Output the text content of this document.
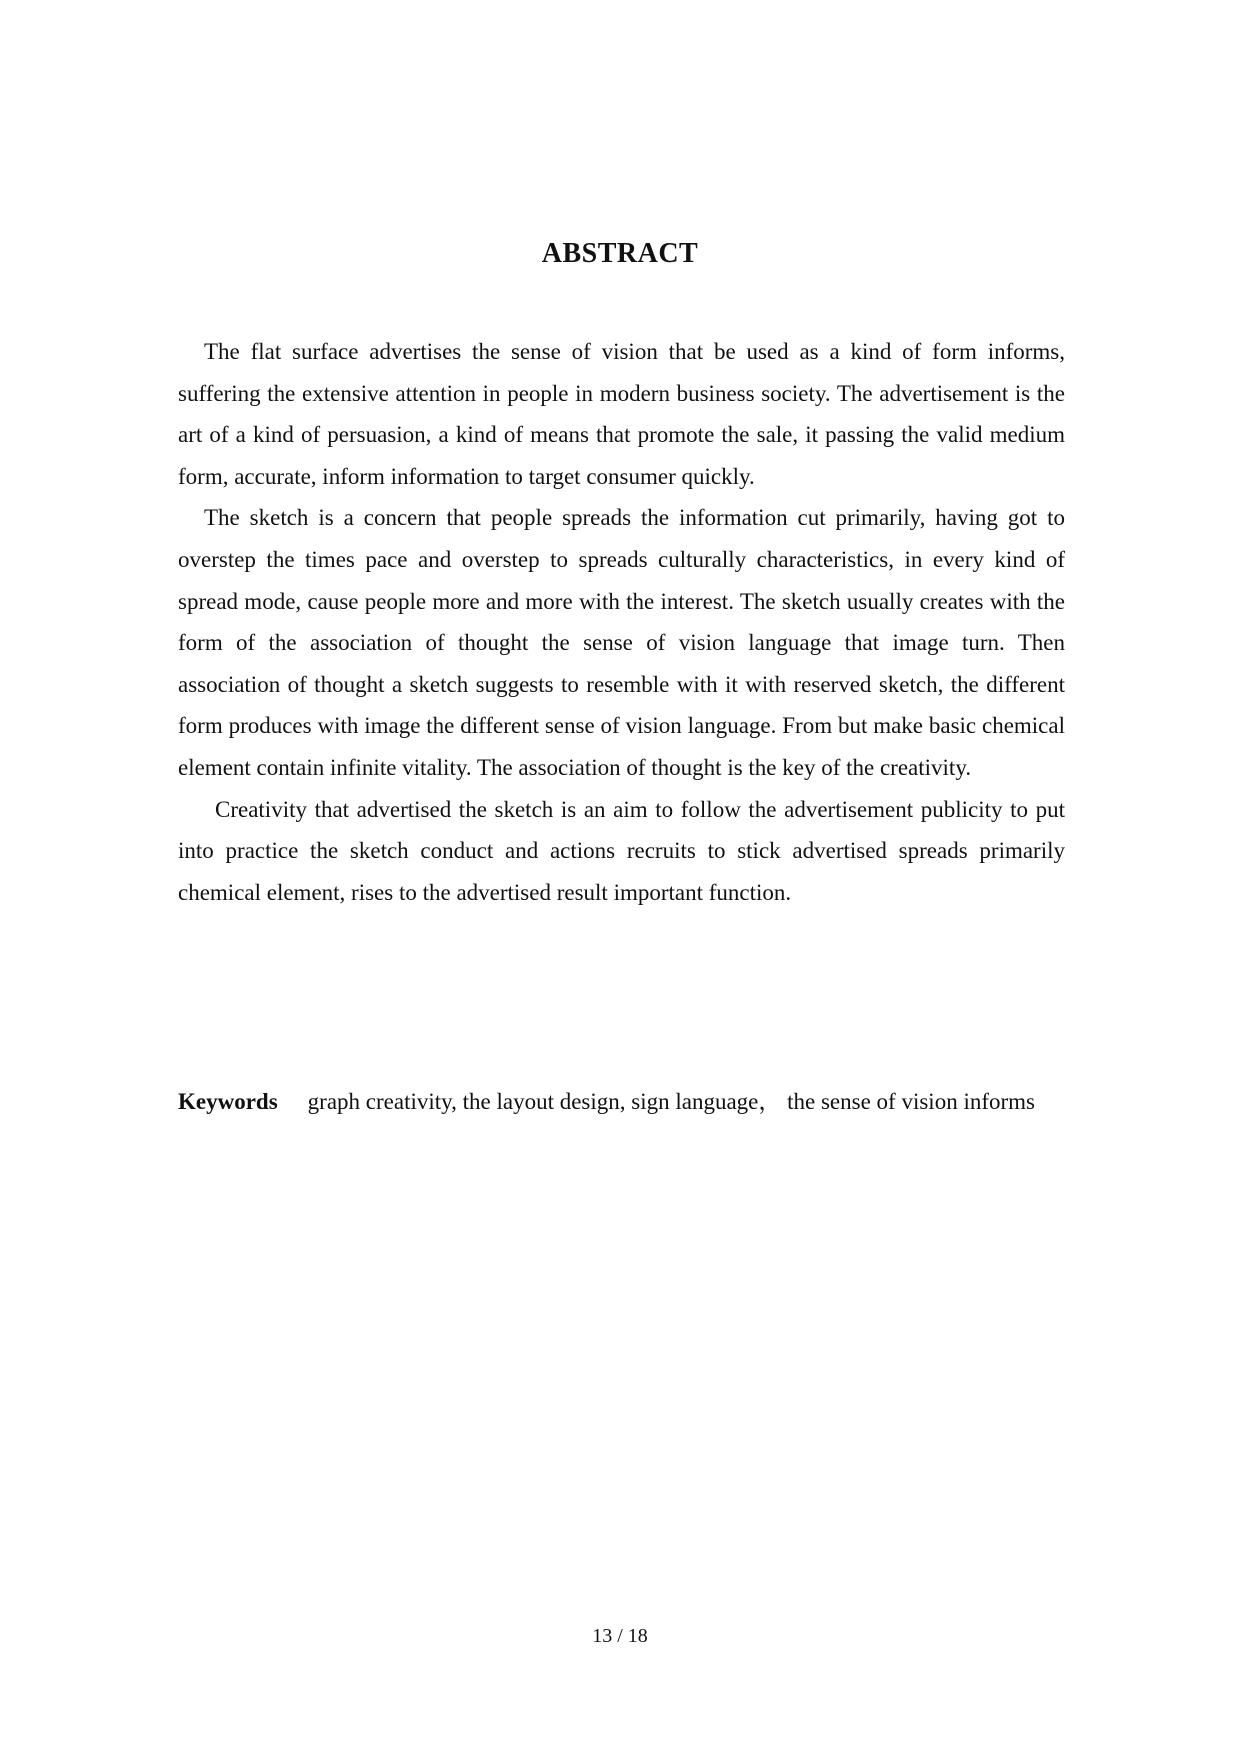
ABSTRACT

The flat surface advertises the sense of vision that be used as a kind of form informs, suffering the extensive attention in people in modern business society. The advertisement is the art of a kind of persuasion, a kind of means that promote the sale, it passing the valid medium form, accurate, inform information to target consumer quickly.

The sketch is a concern that people spreads the information cut primarily, having got to overstep the times pace and overstep to spreads culturally characteristics, in every kind of spread mode, cause people more and more with the interest. The sketch usually creates with the form of the association of thought the sense of vision language that image turn. Then association of thought a sketch suggests to resemble with it with reserved sketch, the different form produces with image the different sense of vision language. From but make basic chemical element contain infinite vitality. The association of thought is the key of the creativity.

Creativity that advertised the sketch is an aim to follow the advertisement publicity to put into practice the sketch conduct and actions recruits to stick advertised spreads primarily chemical element, rises to the advertised result important function.

Keywords graph creativity, the layout design, sign language， the sense of vision informs

13 / 18
